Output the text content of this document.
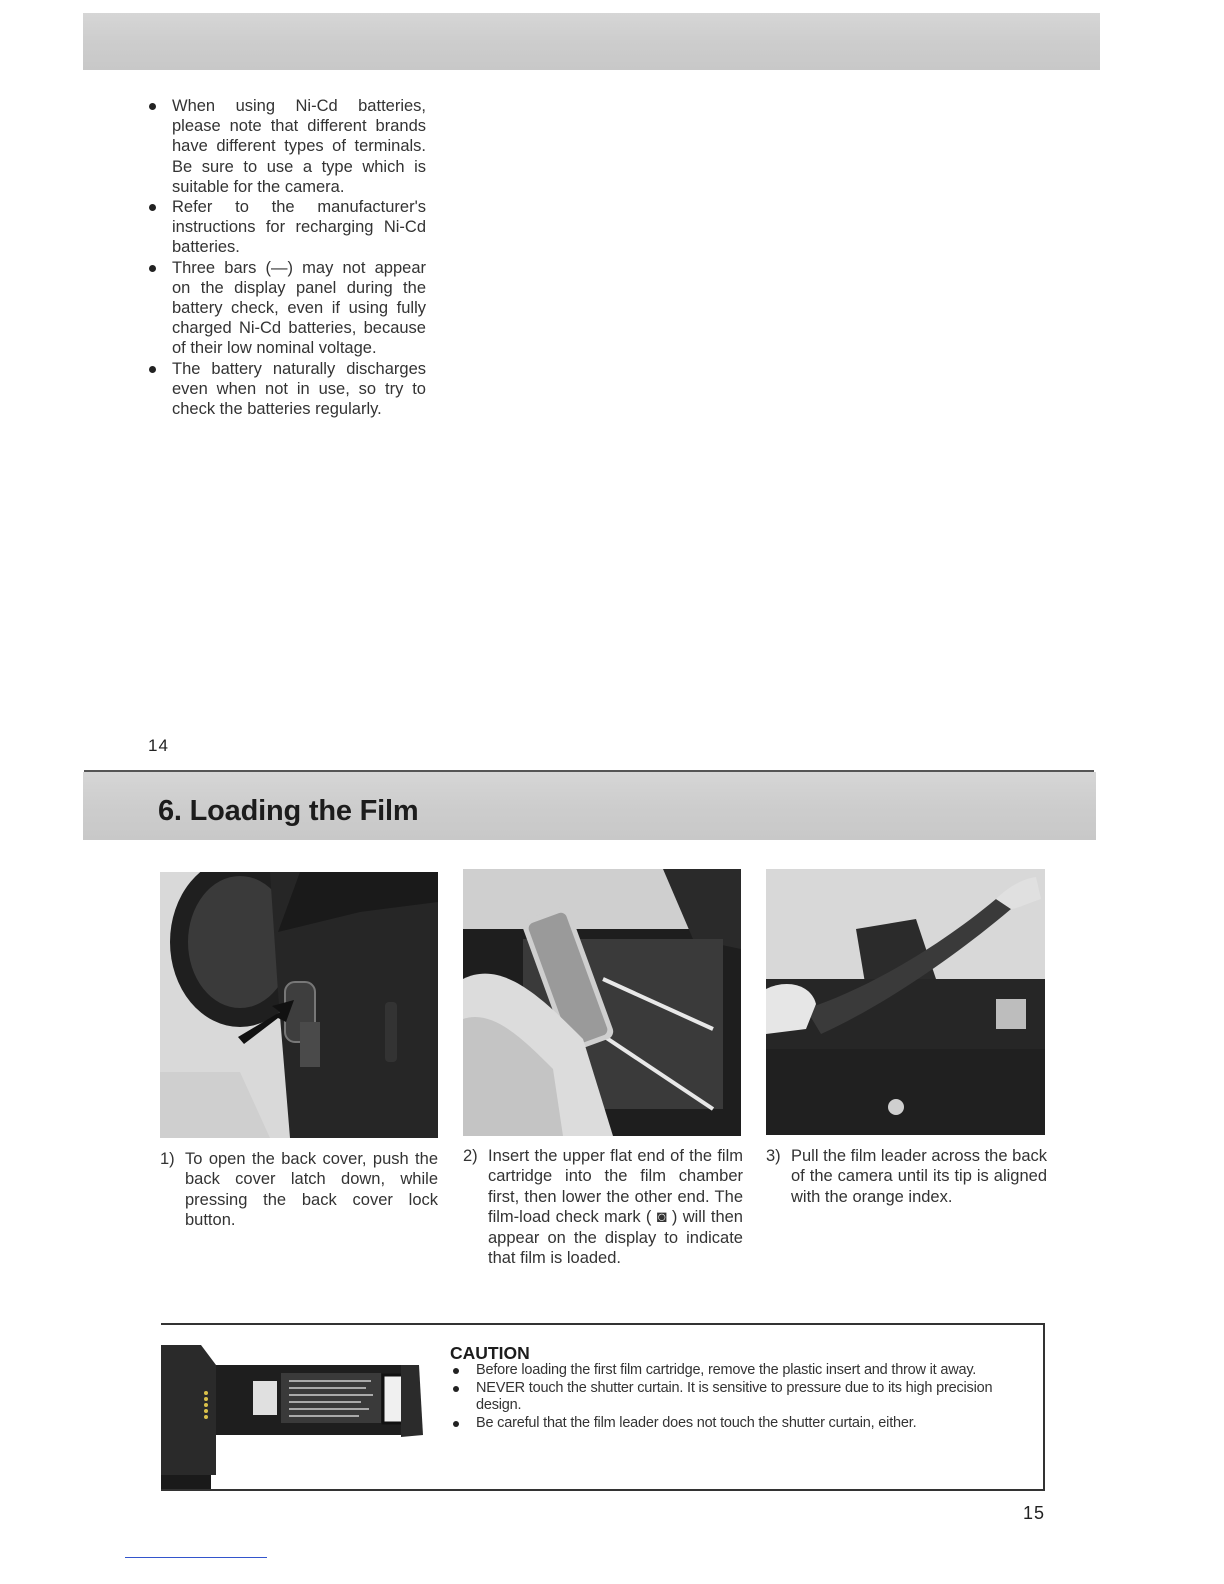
When using Ni-Cd batteries, please note that different brands have different types of terminals. Be sure to use a type which is suitable for the camera.
Refer to the manufacturer's instructions for recharging Ni-Cd batteries.
Three bars (—) may not appear on the display panel during the battery check, even if using fully charged Ni-Cd batteries, because of their low nominal voltage.
The battery naturally discharges even when not in use, so try to check the batteries regularly.
14
6. Loading the Film
1) To open the back cover, push the back cover latch down, while pressing the back cover lock button.
2) Insert the upper flat end of the film cartridge into the film chamber first, then lower the other end. The film-load check mark ( ◙ ) will then appear on the display to indicate that film is loaded.
3) Pull the film leader across the back of the camera until its tip is aligned with the orange index.
CAUTION
Before loading the first film cartridge, remove the plastic insert and throw it away.
NEVER touch the shutter curtain. It is sensitive to pressure due to its high precision design.
Be careful that the film leader does not touch the shutter curtain, either.
15
